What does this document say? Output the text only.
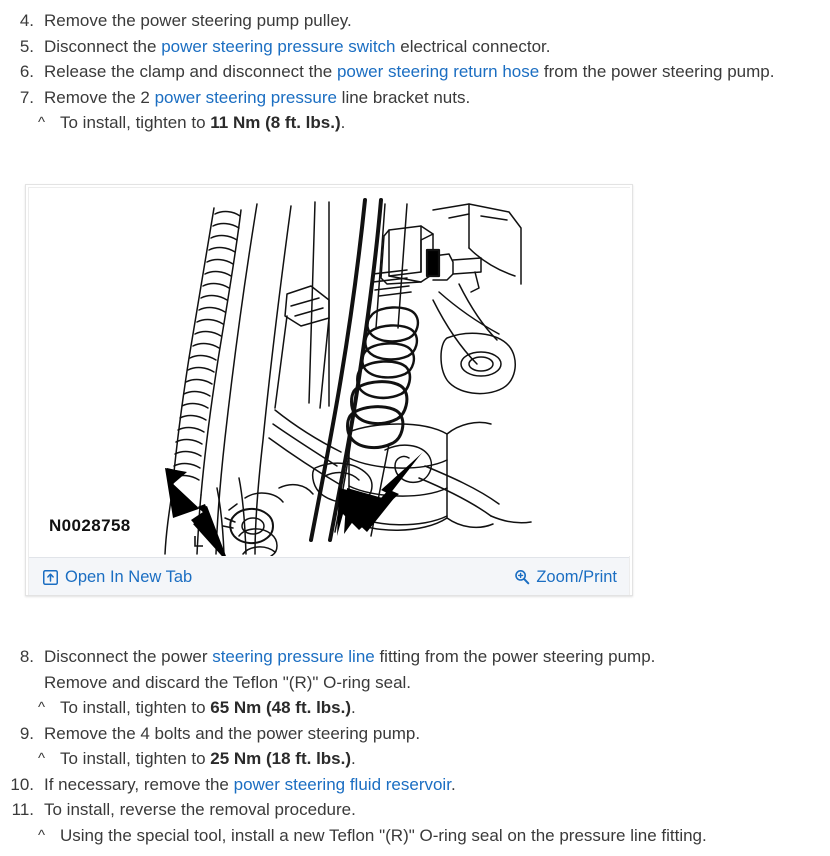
4. Remove the power steering pump pulley.
5. Disconnect the power steering pressure switch electrical connector.
6. Release the clamp and disconnect the power steering return hose from the power steering pump.
7. Remove the 2 power steering pressure line bracket nuts.
^ To install, tighten to 11 Nm (8 ft. lbs.).
N0028758
Open In New Tab	Zoom/Print
8. Disconnect the power steering pressure line fitting from the power steering pump.
Remove and discard the Teflon "(R)" O-ring seal.
^ To install, tighten to 65 Nm (48 ft. lbs.).
9. Remove the 4 bolts and the power steering pump.
^ To install, tighten to 25 Nm (18 ft. lbs.).
10. If necessary, remove the power steering fluid reservoir.
11. To install, reverse the removal procedure.
^ Using the special tool, install a new Teflon "(R)" O-ring seal on the pressure line fitting.
